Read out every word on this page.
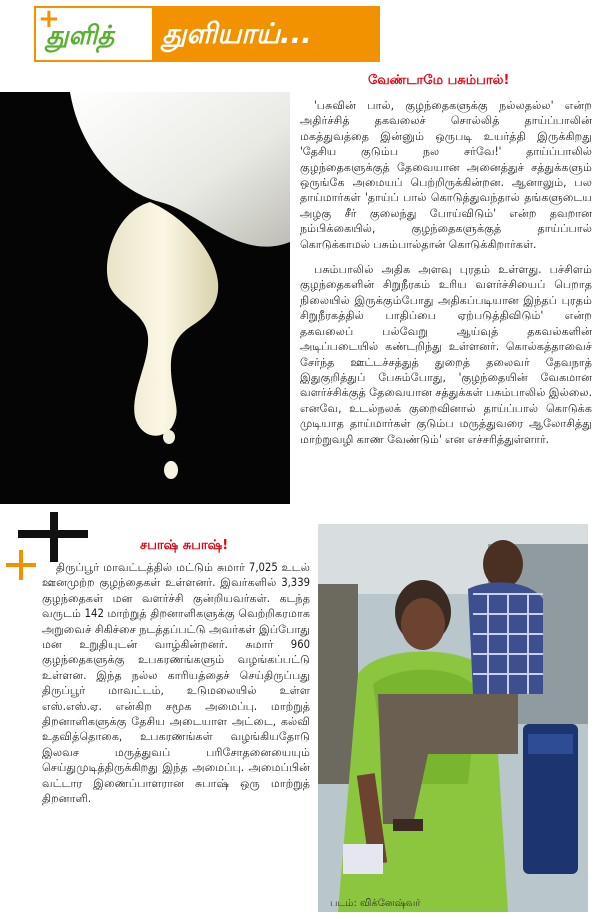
+
துளித் துளியாய்...
வேண்டாமே பசும்பால்!

'பசுவின் பால், குழந்தைகளுக்கு நல்லதல்ல' என்ற அதிர்ச்சித் தகவலைச் சொல்லித் தாய்ப்பாலின் மகத்துவத்தை இன்னும் ஒருபடி உயர்த்தி இருக்கிறது 'தேசிய குடும்ப நல சர்வே!' தாய்ப்பாலில் குழந்தைகளுக்குத் தேவையான அனைத்துச் சத்துக்களும் ஒருங்கே அமையப் பெற்றிருக்கின்றன. ஆனாலும், பல தாய்மார்கள் 'தாய்ப் பால் கொடுத்துவந்தால் தங்களுடைய அழகு சீர் குலைந்து போய்விடும்' என்ற தவறான நம்பிக்கையில், குழந்தைகளுக்குத் தாய்ப்பால் கொடுக்காமல் பசும்பால்தான் கொடுக்கிறார்கள்.

பசும்பாலில் அதிக அளவு புரதம் உள்ளது. பச்சிளம் குழந்தைகளின் சிறுநீரகம் உரிய வளர்ச்சியைப் பெறாத நிலையில் இருக்கும்போது அதிகப்படியான இந்தப் புரதம் சிறுநீரகத்தில் பாதிப்பை ஏற்படுத்திவிடும்' என்ற தகவலைப் பல்வேறு ஆய்வுத் தகவல்களின் அடிப்படையில் கண்டறிந்து உள்ளனர். கொல்கத்தாவைச் சேர்ந்த ஊட்டச்சத்துத் துறைத் தலைவர் தேவநாத் இதுகுறித்துப் பேசும்போது, 'குழந்தையின் வேகமான வளர்ச்சிக்குத் தேவையான சத்துக்கள் பசும்பாலில் இல்லை. எனவே, உடல்நலக் குறைவினால் தாய்ப்பால் கொடுக்க முடியாத தாய்மார்கள் குடும்ப மருத்துவரை ஆலோசித்து மாற்றுவழி காண வேண்டும்' என எச்சரித்துள்ளார்.

சபாஷ் சுபாஷ்!

திருப்பூர் மாவட்டத்தில் மட்டும் சுமார் 7,025 உடல் ஊனமுற்ற குழந்தைகள் உள்ளனர். இவர்களில் 3,339 குழந்தைகள் மன வளர்ச்சி குன்றியவர்கள். கடந்த வருடம் 142 மாற்றுத் திறனாளிகளுக்கு வெற்றிகரமாக அறுவைச் சிகிச்சை நடத்தப்பட்டு அவர்கள் இப்போது மன உறுதியுடன் வாழ்கின்றனர். சுமார் 960 குழந்தைகளுக்கு உபகரணங்களும் வழங்கப்பட்டு உள்ளன. இந்த நல்ல காரியத்தைச் செய்திருப்பது திருப்பூர் மாவட்டம், உடுமலையில் உள்ள எஸ்.எஸ்.ஏ. என்கிற சமூக அமைப்பு. மாற்றுத் திறனாளிகளுக்கு தேசிய அடையாள அட்டை, கல்வி உதவித்தொகை, உபகரணங்கள் வழங்கியதோடு இலவச மருத்துவப் பரிசோதனையையும் செய்துமுடித்திருக்கிறது இந்த அமைப்பு. அமைப்பின் வட்டார இணைப்பாளரான சுபாஷ் ஒரு மாற்றுத் திறனாளி.

படம்: விக்னேஷ்வர்
